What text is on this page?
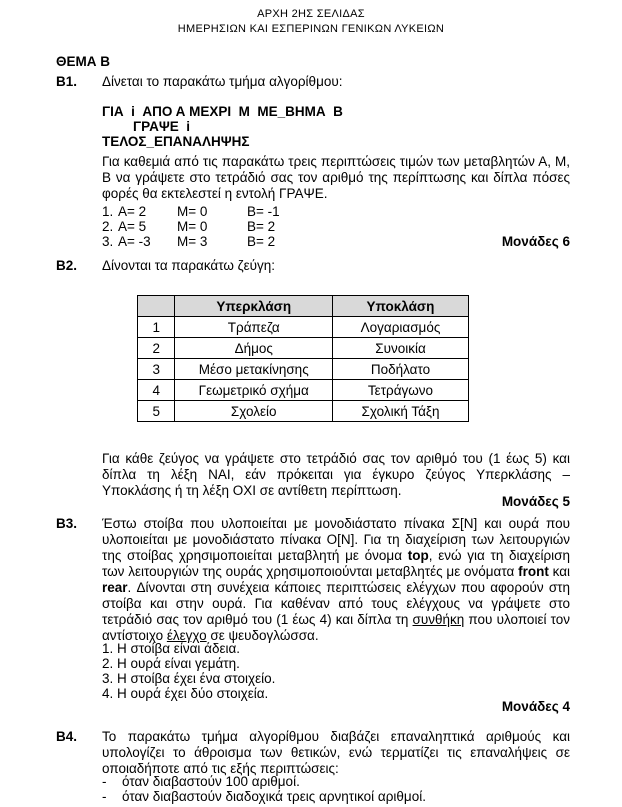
ΑΡΧΗ 2ΗΣ ΣΕΛΙΔΑΣ
ΗΜΕΡΗΣΙΩΝ ΚΑΙ ΕΣΠΕΡΙΝΩΝ ΓΕΝΙΚΩΝ ΛΥΚΕΙΩΝ
ΘΕΜΑ Β
Β1. Δίνεται το παρακάτω τμήμα αλγορίθμου:
ΓΙΑ  i  ΑΠΟ Α ΜΕΧΡΙ  Μ  ΜΕ_ΒΗΜΑ  Β
ΓΡΑΨΕ  i
ΤΕΛΟΣ_ΕΠΑΝΑΛΗΨΗΣ
Για καθεμιά από τις παρακάτω τρεις περιπτώσεις τιμών των μεταβλητών Α, Μ, Β να γράψετε στο τετράδιό σας τον αριθμό της περίπτωσης και δίπλα πόσες φορές θα εκτελεστεί η εντολή ΓΡΑΨΕ.
1. Α= 2 Μ= 0	Β= -1
2. Α= 5 Μ= 0	Β= 2
3. Α= -3 Μ= 3	Β= 2	Μονάδες 6
Β2. Δίνονται τα παρακάτω ζεύγη:
	Υπερκλάση	Υποκλάση
1	Τράπεζα	Λογαριασμός
2	Δήμος	Συνοικία
3	Μέσο μετακίνησης	Ποδήλατο
4	Γεωμετρικό σχήμα	Τετράγωνο
5	Σχολείο	Σχολική Τάξη
Για κάθε ζεύγος να γράψετε στο τετράδιό σας τον αριθμό του (1 έως 5) και δίπλα τη λέξη ΝΑΙ, εάν πρόκειται για έγκυρο ζεύγος Υπερκλάσης – Υποκλάσης ή τη λέξη ΟΧΙ σε αντίθετη περίπτωση.
Μονάδες 5
Β3. Έστω στοίβα που υλοποιείται με μονοδιάστατο πίνακα Σ[Ν] και ουρά που υλοποιείται με μονοδιάστατο πίνακα Ο[Ν]. Για τη διαχείριση των λειτουργιών της στοίβας χρησιμοποιείται μεταβλητή με όνομα top, ενώ για τη διαχείριση των λειτουργιών της ουράς χρησιμοποιούνται μεταβλητές με ονόματα front και rear. Δίνονται στη συνέχεια κάποιες περιπτώσεις ελέγχων που αφορούν στη στοίβα και στην ουρά. Για καθέναν από τους ελέγχους να γράψετε στο τετράδιό σας τον αριθμό του (1 έως 4) και δίπλα τη συνθήκη που υλοποιεί τον αντίστοιχο έλεγχο σε ψευδογλώσσα.
1. Η στοίβα είναι άδεια.
2. Η ουρά είναι γεμάτη.
3. Η στοίβα έχει ένα στοιχείο.
4. Η ουρά έχει δύο στοιχεία.
Μονάδες 4
Β4. Το παρακάτω τμήμα αλγορίθμου διαβάζει επαναληπτικά αριθμούς και υπολογίζει το άθροισμα των θετικών, ενώ τερματίζει τις επαναλήψεις σε οποιαδήποτε από τις εξής περιπτώσεις:
- όταν διαβαστούν 100 αριθμοί.
- όταν διαβαστούν διαδοχικά τρεις αρνητικοί αριθμοί.
